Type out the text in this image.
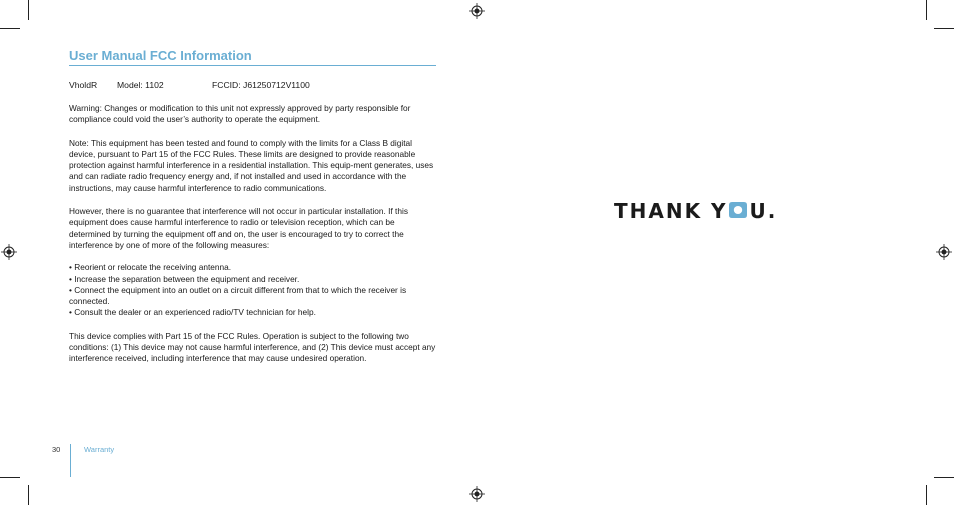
User Manual FCC Information
VholdR Model: 1102	FCCID: J61250712V1100

Warning: Changes or modification to this unit not expressly approved by party responsible for compliance could void the user’s authority to operate the equipment.

Note: This equipment has been tested and found to comply with the limits for a Class B digital device, pursuant to Part 15 of the FCC Rules. These limits are designed to provide reasonable protection against harmful interference in a residential installation. This equip-ment generates, uses and can radiate radio frequency energy and, if not installed and used in accordance with the instructions, may cause harmful interference to radio communications.

However, there is no guarantee that interference will not occur in particular installation. If this equipment does cause harmful interference to radio or television reception, which can be determined by turning the equipment off and on, the user is encouraged to try to correct the interference by one of more of the following measures:

• Reorient or relocate the receiving antenna.

• Increase the separation between the equipment and receiver.

• Connect the equipment into an outlet on a circuit different from that to which the receiver is connected.

• Consult the dealer or an experienced radio/TV technician for help.

This device complies with Part 15 of the FCC Rules. Operation is subject to the following two conditions: (1) This device may not cause harmful interference, and (2) This device must accept any interference received, including interference that may cause undesired operation.

30	Warranty
THANK Y U.
